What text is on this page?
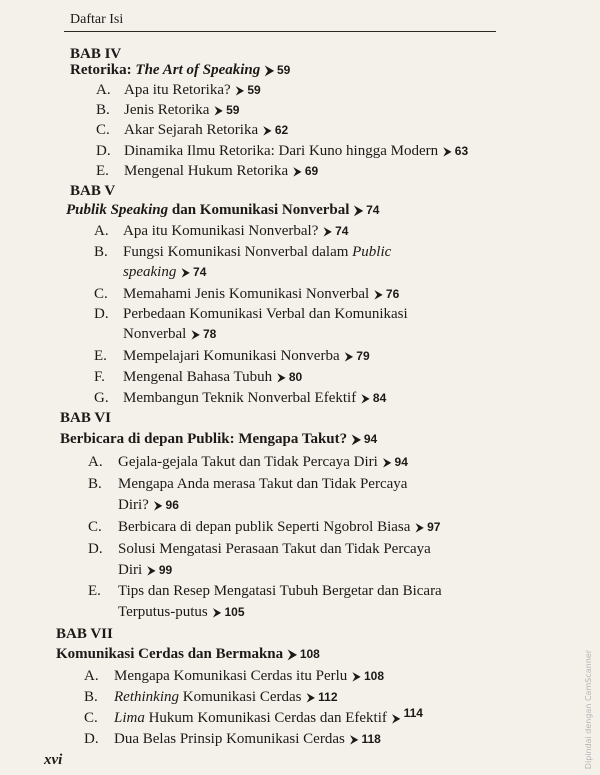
Daftar Isi
BAB IV
Retorika: The Art of Speaking ⮞ 59
A. Apa itu Retorika? ⮞ 59
B. Jenis Retorika ⮞ 59
C. Akar Sejarah Retorika ⮞ 62
D. Dinamika Ilmu Retorika: Dari Kuno hingga Modern ⮞ 63
E. Mengenal Hukum Retorika ⮞ 69
BAB V
Publik Speaking dan Komunikasi Nonverbal ⮞ 74
A. Apa itu Komunikasi Nonverbal? ⮞ 74
B. Fungsi Komunikasi Nonverbal dalam Public
speaking ⮞ 74
C. Memahami Jenis Komunikasi Nonverbal ⮞ 76
D. Perbedaan Komunikasi Verbal dan Komunikasi
Nonverbal ⮞ 78
E. Mempelajari Komunikasi Nonverba ⮞ 79
F. Mengenal Bahasa Tubuh ⮞ 80
G. Membangun Teknik Nonverbal Efektif ⮞ 84
BAB VI
Berbicara di depan Publik: Mengapa Takut? ⮞ 94
A. Gejala-gejala Takut dan Tidak Percaya Diri ⮞ 94
B. Mengapa Anda merasa Takut dan Tidak Percaya
Diri? ⮞ 96
C. Berbicara di depan publik Seperti Ngobrol Biasa ⮞ 97
D. Solusi Mengatasi Perasaan Takut dan Tidak Percaya
Diri ⮞ 99
E. Tips dan Resep Mengatasi Tubuh Bergetar dan Bicara
Terputus-putus ⮞ 105
BAB VII
Komunikasi Cerdas dan Bermakna ⮞ 108
A. Mengapa Komunikasi Cerdas itu Perlu ⮞ 108
B. Rethinking Komunikasi Cerdas ⮞ 112
C. Lima Hukum Komunikasi Cerdas dan Efektif ⮞ $^{114}$
D. Dua Belas Prinsip Komunikasi Cerdas ⮞ 118
xvi	Dipindai dengan CamScanner
